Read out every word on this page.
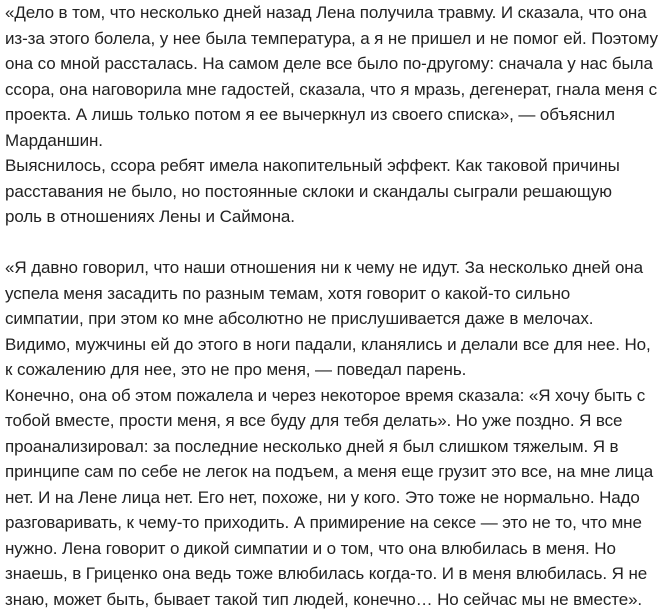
«Дело в том, что несколько дней назад Лена получила травму. И сказала, что она
из-за этого болела, у нее была температура, а я не пришел и не помог ей. Поэтому
она со мной рассталась. На самом деле все было по-другому: сначала у нас была
ссора, она наговорила мне гадостей, сказала, что я мразь, дегенерат, гнала меня с
проекта. А лишь только потом я ее вычеркнул из своего списка», — объяснил
Марданшин.
Выяснилось, ссора ребят имела накопительный эффект. Как таковой причины
расставания не было, но постоянные склоки и скандалы сыграли решающую
роль в отношениях Лены и Саймона.
«Я давно говорил, что наши отношения ни к чему не идут. За несколько дней она
успела меня засадить по разным темам, хотя говорит о какой-то сильно
симпатии, при этом ко мне абсолютно не прислушивается даже в мелочах.
Видимо, мужчины ей до этого в ноги падали, кланялись и делали все для нее. Но,
к сожалению для нее, это не про меня, — поведал парень.
Конечно, она об этом пожалела и через некоторое время сказала: «Я хочу быть с
тобой вместе, прости меня, я все буду для тебя делать». Но уже поздно. Я все
проанализировал: за последние несколько дней я был слишком тяжелым. Я в
принципе сам по себе не легок на подъем, а меня еще грузит это все, на мне лица
нет. И на Лене лица нет. Его нет, похоже, ни у кого. Это тоже не нормально. Надо
разговаривать, к чему-то приходить. А примирение на сексе — это не то, что мне
нужно. Лена говорит о дикой симпатии и о том, что она влюбилась в меня. Но
знаешь, в Гриценко она ведь тоже влюбилась когда-то. И в меня влюбилась. Я не
знаю, может быть, бывает такой тип людей, конечно… Но сейчас мы не вместе».
